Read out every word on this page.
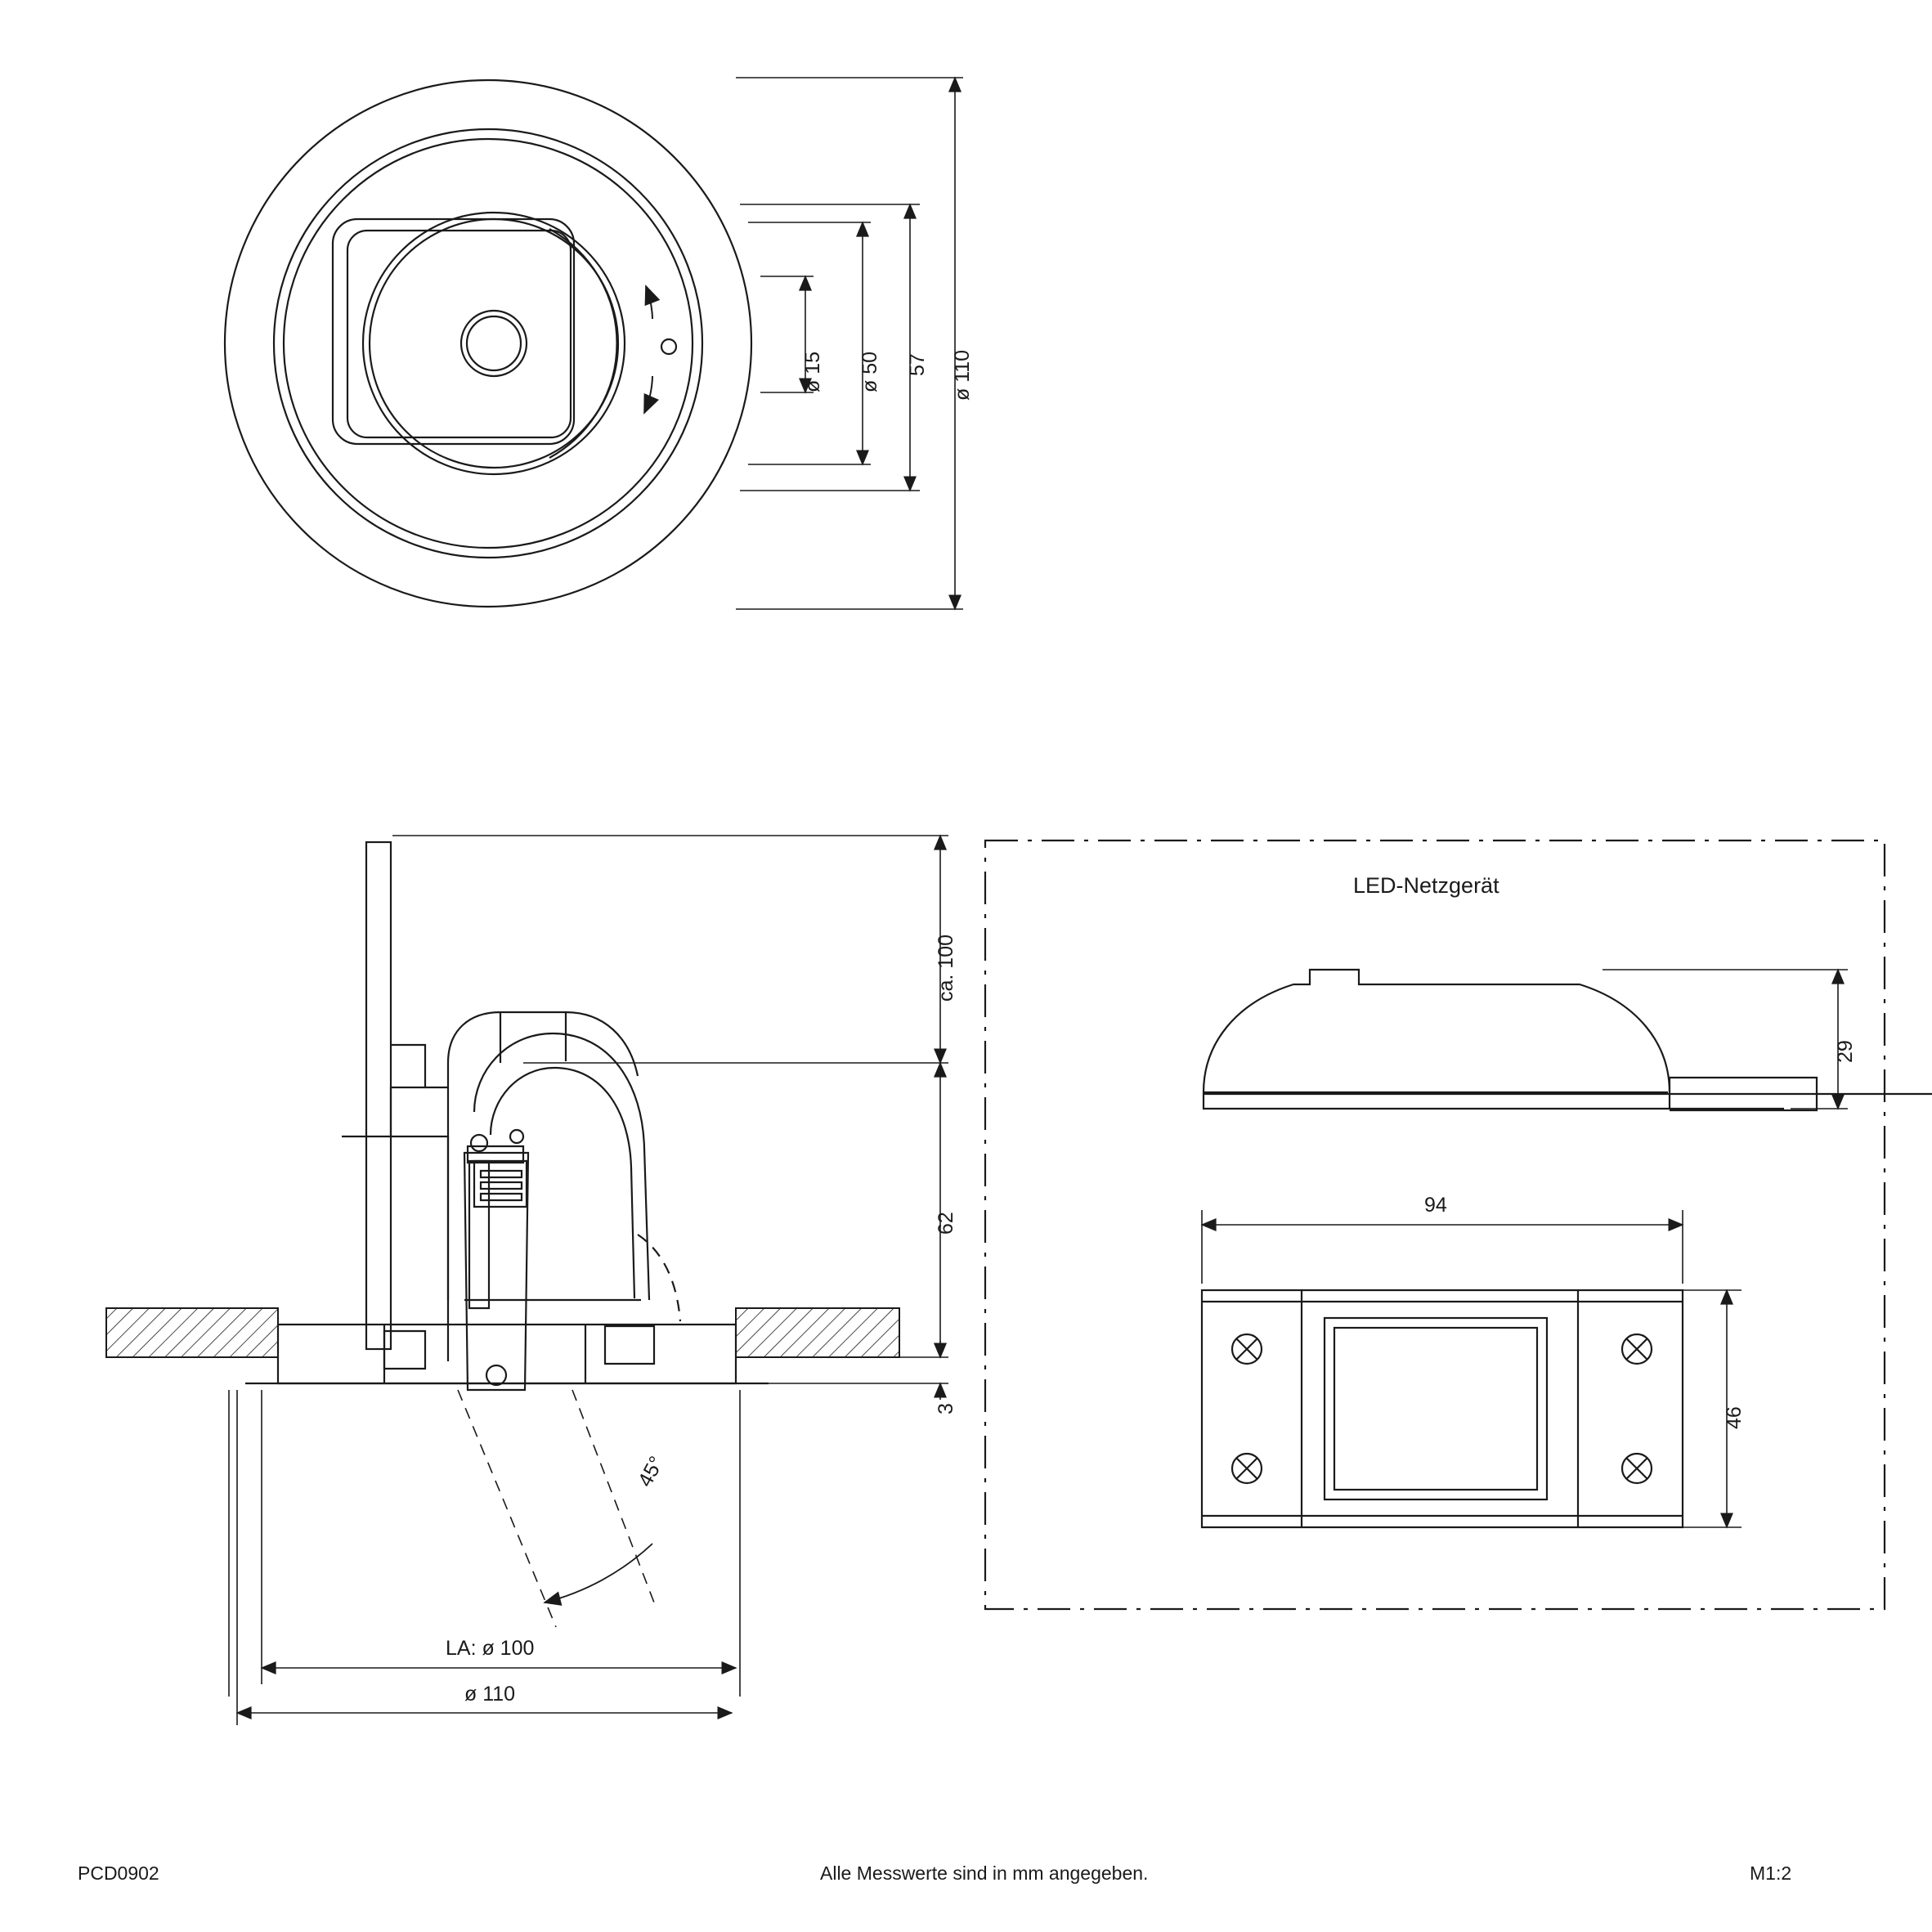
ø 15 ø 50 57 ø 110
ca. 100
62
3
45°
LA: ø 100
ø 110
LED-Netzgerät
29
94
46
PCD0902	Alle Messwerte sind in mm angegeben.	M1:2
